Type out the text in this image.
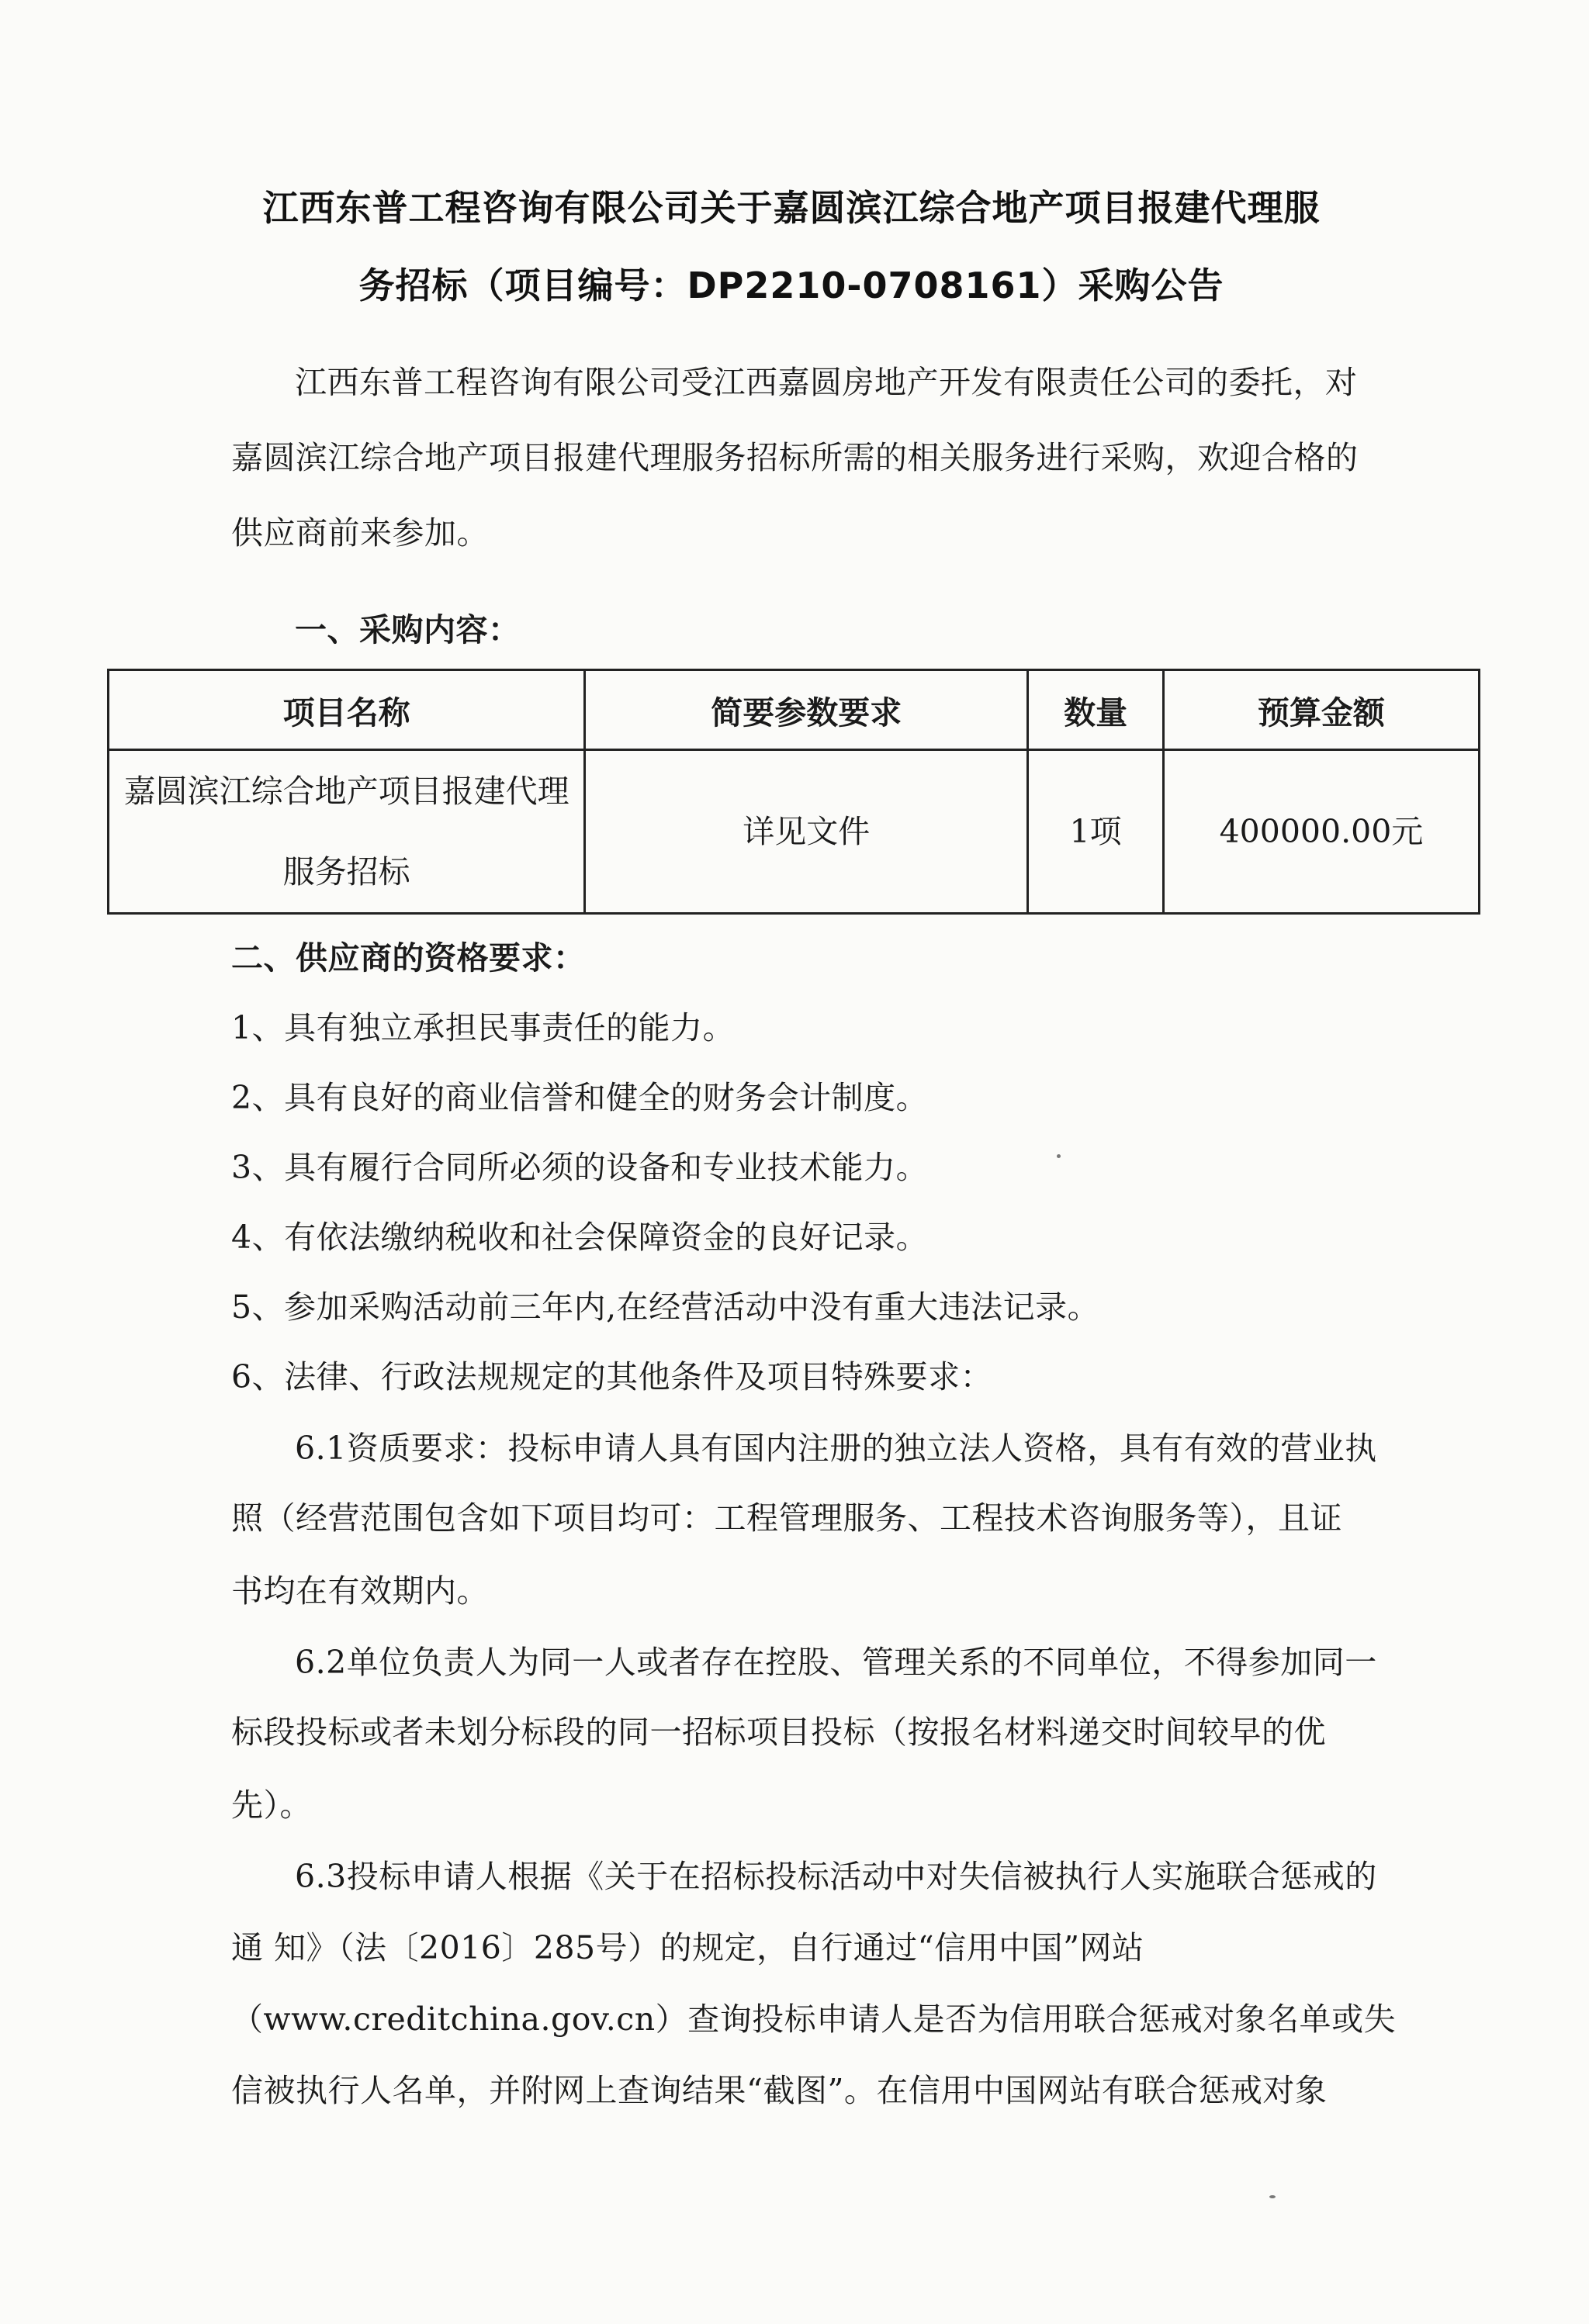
江西东普工程咨询有限公司关于嘉圆滨江综合地产项目报建代理服
务招标（项目编号：DP2210-0708161）采购公告
江西东普工程咨询有限公司受江西嘉圆房地产开发有限责任公司的委托，对
嘉圆滨江综合地产项目报建代理服务招标所需的相关服务进行采购，欢迎合格的
供应商前来参加。
一、采购内容：
项目名称	简要参数要求	数量	预算金额

嘉圆滨江综合地产项目报建代理
服务招标	详见文件	1项	400000.00元
二、供应商的资格要求：
1、具有独立承担民事责任的能力。
2、具有良好的商业信誉和健全的财务会计制度。
3、具有履行合同所必须的设备和专业技术能力。
4、有依法缴纳税收和社会保障资金的良好记录。
5、参加采购活动前三年内,在经营活动中没有重大违法记录。
6、法律、行政法规规定的其他条件及项目特殊要求：
6.1资质要求：投标申请人具有国内注册的独立法人资格，具有有效的营业执
照（经营范围包含如下项目均可：工程管理服务、工程技术咨询服务等），且证
书均在有效期内。
6.2单位负责人为同一人或者存在控股、管理关系的不同单位，不得参加同一
标段投标或者未划分标段的同一招标项目投标（按报名材料递交时间较早的优
先）。
6.3投标申请人根据《关于在招标投标活动中对失信被执行人实施联合惩戒的
通 知》（法〔2016〕285号）的规定，自行通过“信用中国”网站
（www.creditchina.gov.cn）查询投标申请人是否为信用联合惩戒对象名单或失
信被执行人名单，并附网上查询结果“截图”。在信用中国网站有联合惩戒对象
